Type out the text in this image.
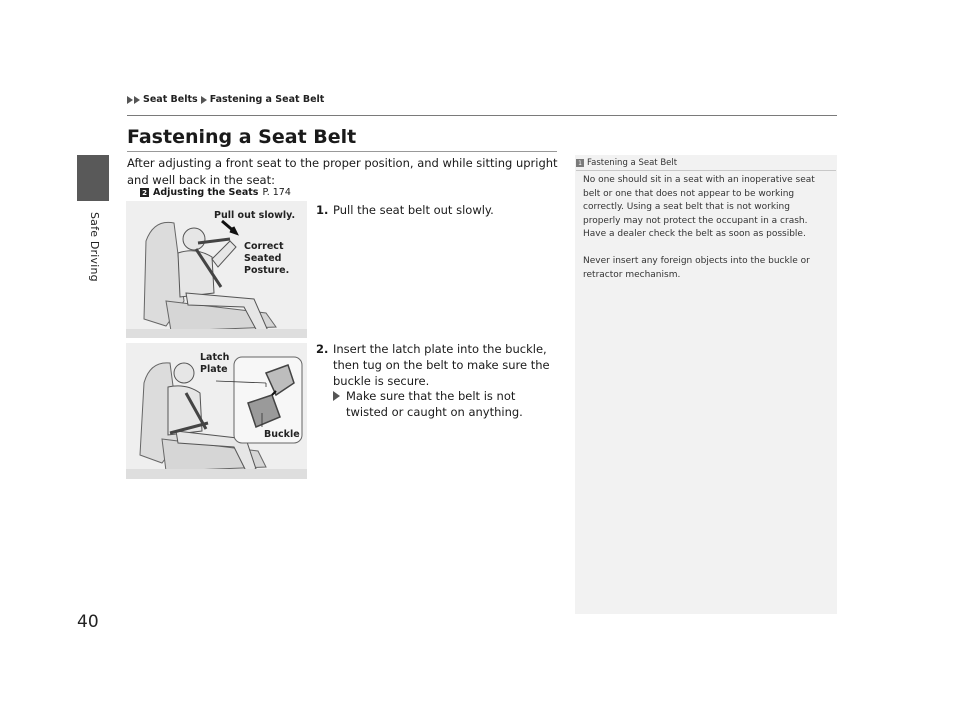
Safe Driving
40
Seat Belts Fastening a Seat Belt
Fastening a Seat Belt

After adjusting a front seat to the proper position, and while sitting upright and well back in the seat:

2 Adjusting the Seats P. 174
Pull out slowly.
Correct
Seated
Posture.
Latch
Plate
Buckle

1. Pull the seat belt out slowly.

2. Insert the latch plate into the buckle, then tug on the belt to make sure the buckle is secure.

Make sure that the belt is not twisted or caught on anything.
1 Fastening a Seat Belt

No one should sit in a seat with an inoperative seat belt or one that does not appear to be working correctly. Using a seat belt that is not working properly may not protect the occupant in a crash. Have a dealer check the belt as soon as possible.

Never insert any foreign objects into the buckle or retractor mechanism.
